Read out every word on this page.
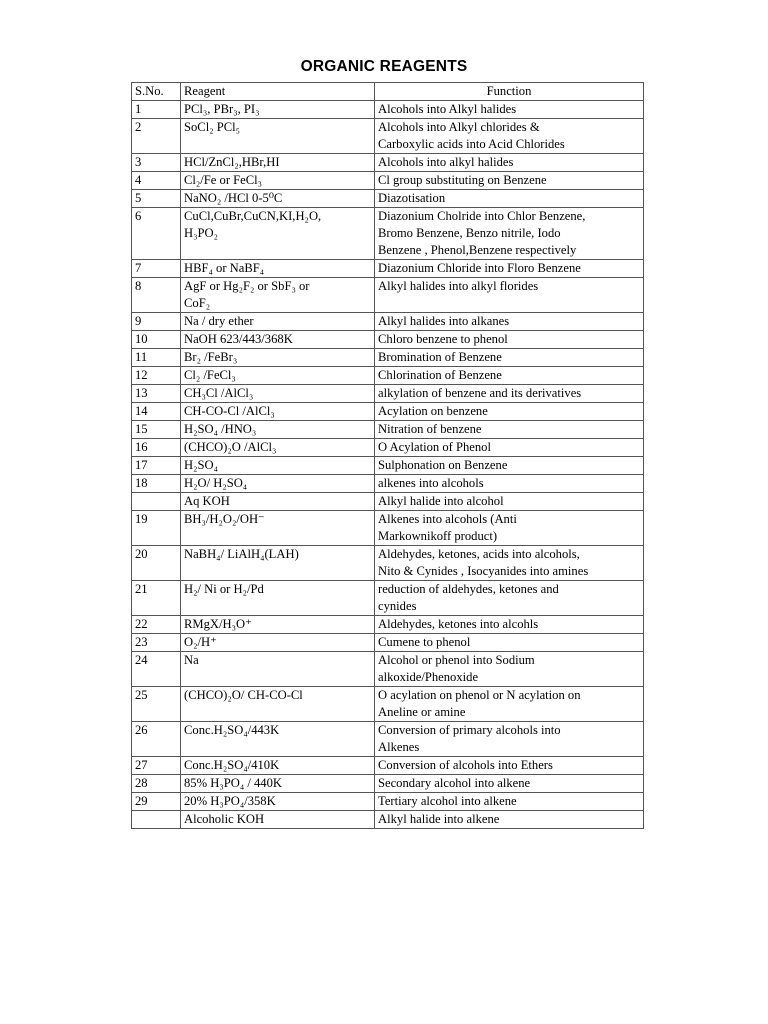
ORGANIC REAGENTS
S.No.	Reagent	Function
1	PCl₃, PBr₃, PI₃	Alcohols into Alkyl halides

2	SoCl₂ PCl₅	Alcohols into Alkyl chlorides &
Carboxylic acids into Acid Chlorides

3	HCl/ZnCl₂,HBr,HI	Alcohols into alkyl halides

4	Cl₂/Fe or FeCl₃	Cl group substituting on Benzene

5	NaNO₂ /HCl 0-5⁰C	Diazotisation

6	CuCl,CuBr,CuCN,KI,H₂O,
H₃PO₂	Diazonium Cholride into Chlor Benzene,
Bromo Benzene, Benzo nitrile, Iodo
Benzene , Phenol,Benzene respectively

7	HBF₄ or NaBF₄	Diazonium Chloride into Floro Benzene

8	AgF or Hg₂F₂ or SbF₃ or
CoF₂	Alkyl halides into alkyl florides

9	Na / dry ether	Alkyl halides into alkanes

10	NaOH 623/443/368K	Chloro benzene to phenol

11	Br₂ /FeBr₃	Bromination of Benzene

12	Cl₂ /FeCl₃	Chlorination of Benzene

13	CH₃Cl /AlCl₃	alkylation of benzene and its derivatives

14	CH-CO-Cl /AlCl₃	Acylation on benzene

15	H₂SO₄ /HNO₃	Nitration of benzene

16	(CHCO)₂O /AlCl₃	O Acylation of Phenol

17	H₂SO₄	Sulphonation on Benzene

18	H₂O/ H₂SO₄	alkenes into alcohols

	Aq KOH	Alkyl halide into alcohol

19	BH₃/H₂O₂/OH⁻	Alkenes into alcohols (Anti
Markownikoff product)

20	NaBH₄/ LiAlH₄(LAH)	Aldehydes, ketones, acids into alcohols,
Nito & Cynides , Isocyanides into amines

21	H₂/ Ni or H₂/Pd	reduction of aldehydes, ketones and
cynides

22	RMgX/H₃O⁺	Aldehydes, ketones into alcohls

23	O₂/H⁺	Cumene to phenol

24	Na	Alcohol or phenol into Sodium
alkoxide/Phenoxide

25	(CHCO)₂O/ CH-CO-Cl	O acylation on phenol or N acylation on
Aneline or amine

26	Conc.H₂SO₄/443K	Conversion of primary alcohols into
Alkenes

27	Conc.H₂SO₄/410K	Conversion of alcohols into Ethers

28	85% H₃PO₄ / 440K	Secondary alcohol into alkene

29	20% H₃PO₄/358K	Tertiary alcohol into alkene

	Alcoholic KOH	Alkyl halide into alkene
